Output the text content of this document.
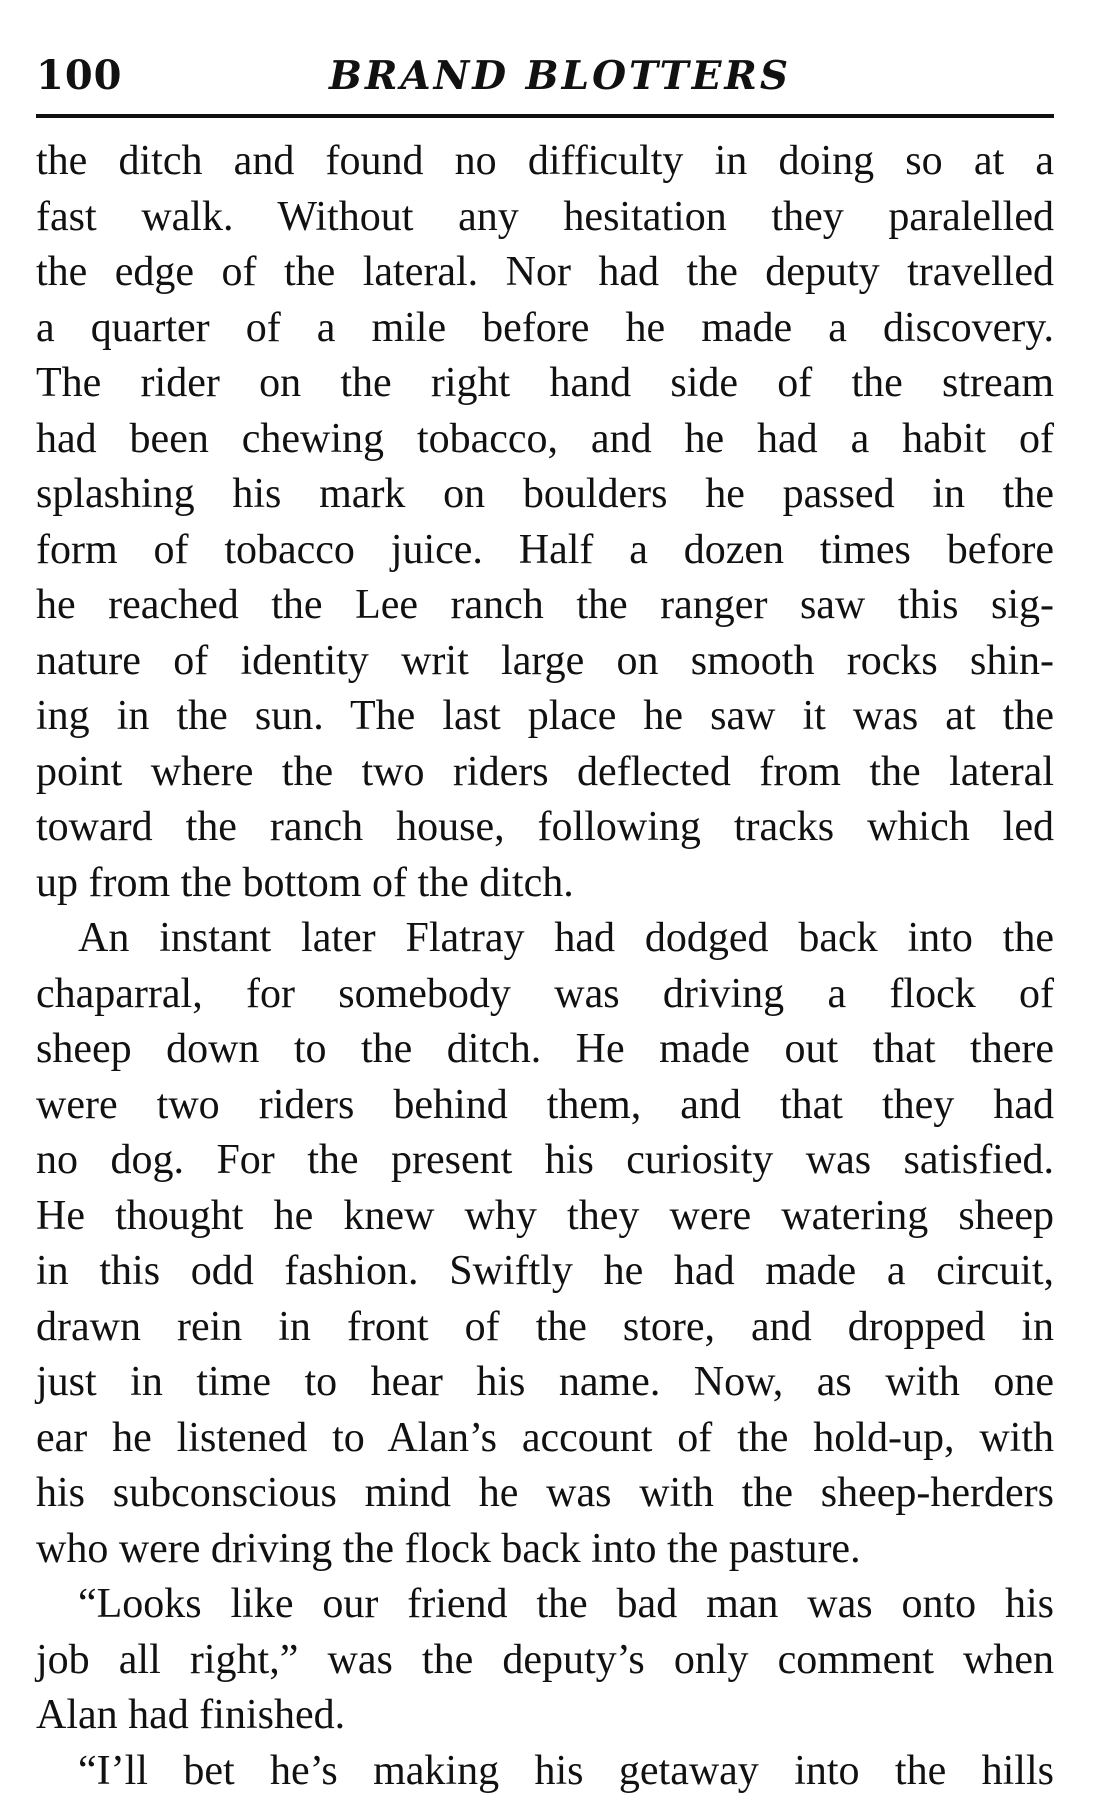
100	BRAND BLOTTERS

the ditch and found no difficulty in doing so at a
fast walk. Without any hesitation they paralelled
the edge of the lateral. Nor had the deputy travelled
a quarter of a mile before he made a discovery.
The rider on the right hand side of the stream
had been chewing tobacco, and he had a habit of
splashing his mark on boulders he passed in the
form of tobacco juice. Half a dozen times before
he reached the Lee ranch the ranger saw this sig-
nature of identity writ large on smooth rocks shin-
ing in the sun. The last place he saw it was at the
point where the two riders deflected from the lateral
toward the ranch house, following tracks which led
up from the bottom of the ditch.

An instant later Flatray had dodged back into the
chaparral, for somebody was driving a flock of
sheep down to the ditch. He made out that there
were two riders behind them, and that they had
no dog. For the present his curiosity was satisfied.
He thought he knew why they were watering sheep
in this odd fashion. Swiftly he had made a circuit,
drawn rein in front of the store, and dropped in
just in time to hear his name. Now, as with one
ear he listened to Alan’s account of the hold-up, with
his subconscious mind he was with the sheep-herders
who were driving the flock back into the pasture.

“Looks like our friend the bad man was onto his
job all right,” was the deputy’s only comment when
Alan had finished.

“I’ll bet he’s making his getaway into the hills
